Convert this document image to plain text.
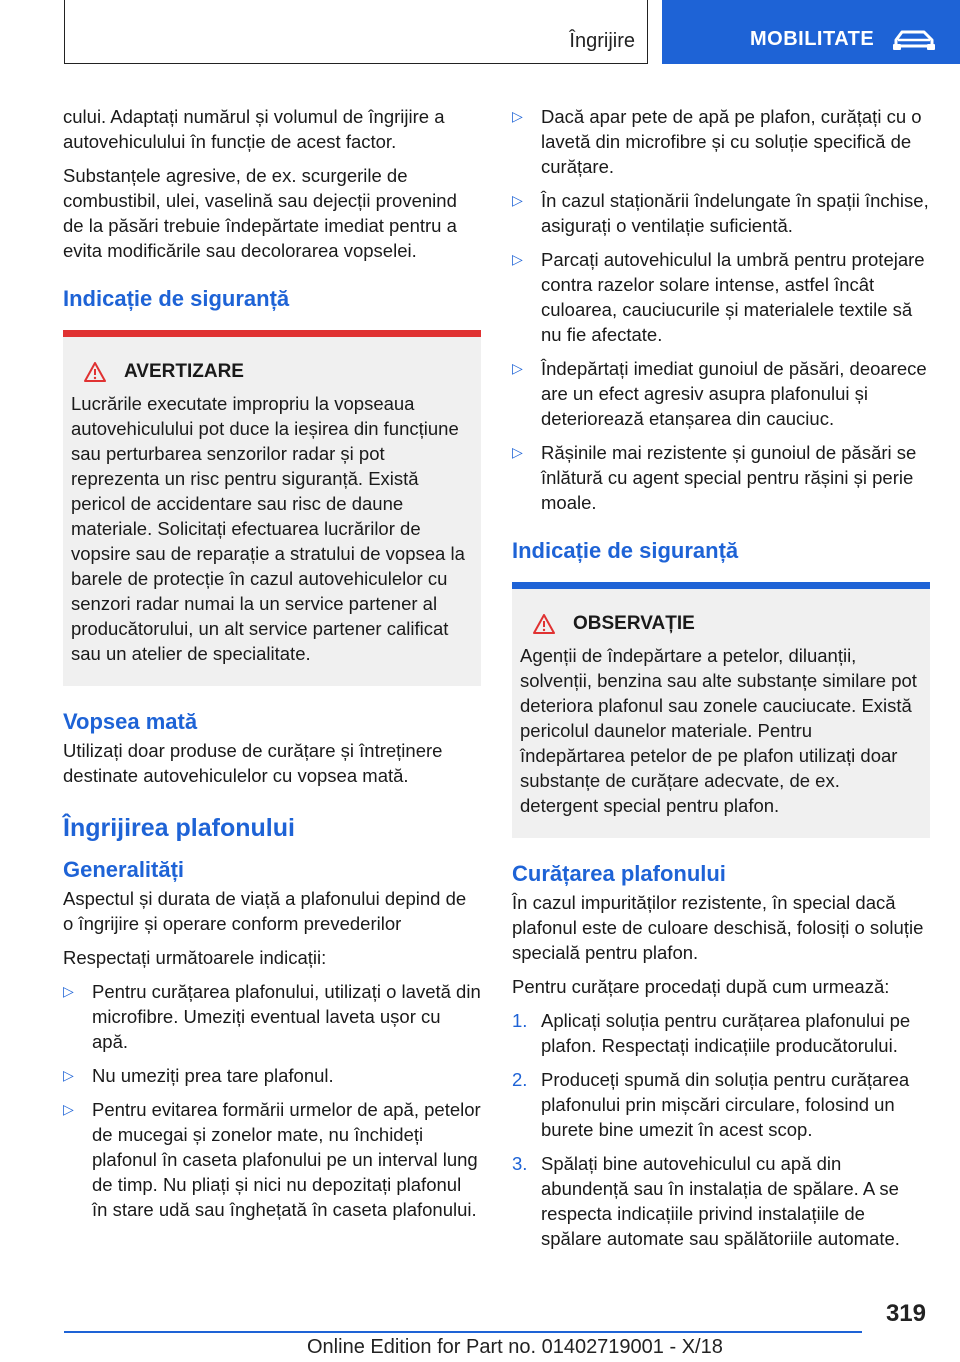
Îngrijire	MOBILITATE

cului. Adaptați numărul și volumul de îngrijire a autovehiculului în funcție de acest factor.

Substanțele agresive, de ex. scurgerile de combustibil, ulei, vaselină sau dejecții provenind de la păsări trebuie îndepărtate imediat pentru a evita modificările sau decolorarea vopselei.

Indicație de siguranță
AVERTIZARE

Lucrările executate impropriu la vopseaua autovehiculului pot duce la ieșirea din funcțiune sau perturbarea senzorilor radar și pot reprezenta un risc pentru siguranță. Există pericol de accidentare sau risc de daune materiale. Solicitați efectuarea lucrărilor de vopsire sau de reparație a stratului de vopsea la barele de protecție în cazul autovehiculelor cu senzori radar numai la un service partener al producătorului, un alt service partener calificat sau un atelier de specialitate.

Vopsea mată

Utilizați doar produse de curățare și întreținere destinate autovehiculelor cu vopsea mată.

Îngrijirea plafonului
Generalități

Aspectul și durata de viață a plafonului depind de o îngrijire și operare conform prevederilor

Respectați următoarele indicații:

▷ Pentru curățarea plafonului, utilizați o lavetă din microfibre. Umeziți eventual laveta ușor cu apă.
▷ Nu umeziți prea tare plafonul.
▷ Pentru evitarea formării urmelor de apă, petelor de mucegai și zonelor mate, nu închideți plafonul în caseta plafonului pe un interval lung de timp. Nu pliați și nici nu depozitați plafonul în stare udă sau înghețată în caseta plafonului.
▷ Dacă apar pete de apă pe plafon, curățați cu o lavetă din microfibre și cu soluție specifică de curățare.
▷ În cazul staționării îndelungate în spații închise, asigurați o ventilație suficientă.
▷ Parcați autovehiculul la umbră pentru protejare contra razelor solare intense, astfel încât culoarea, cauciucurile și materialele textile să nu fie afectate.
▷ Îndepărtați imediat gunoiul de păsări, deoarece are un efect agresiv asupra plafonului și deteriorează etanșarea din cauciuc.
▷ Rășinile mai rezistente și gunoiul de păsări se înlătură cu agent special pentru rășini și perie moale.
Indicație de siguranță
OBSERVAȚIE

Agenții de îndepărtare a petelor, diluanții, solvenții, benzina sau alte substanțe similare pot deteriora plafonul sau zonele cauciucate. Există pericolul daunelor materiale. Pentru îndepărtarea petelor de pe plafon utilizați doar substanțe de curățare adecvate, de ex. detergent special pentru plafon.

Curățarea plafonului

În cazul impurităților rezistente, în special dacă plafonul este de culoare deschisă, folosiți o soluție specială pentru plafon.

Pentru curățare procedați după cum urmează:

1. Aplicați soluția pentru curățarea plafonului pe plafon. Respectați indicațiile producătorului.
2. Produceți spumă din soluția pentru curățarea plafonului prin mișcări circulare, folosind un burete bine umezit în acest scop.
3. Spălați bine autovehiculul cu apă din abundență sau în instalația de spălare. A se respecta indicațiile privind instalațiile de spălare automate sau spălătoriile automate.
319
Online Edition for Part no. 01402719001 - X/18
